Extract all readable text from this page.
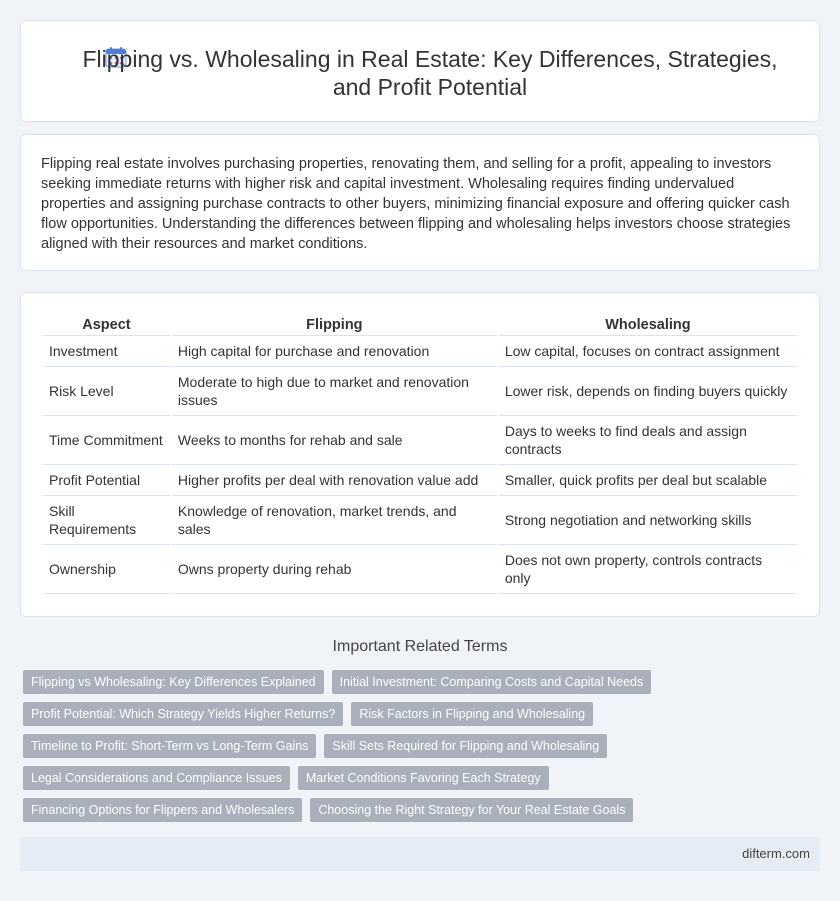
Flipping vs. Wholesaling in Real Estate: Key Differences, Strategies, and Profit Potential

Flipping real estate involves purchasing properties, renovating them, and selling for a profit, appealing to investors seeking immediate returns with higher risk and capital investment. Wholesaling requires finding undervalued properties and assigning purchase contracts to other buyers, minimizing financial exposure and offering quicker cash flow opportunities. Understanding the differences between flipping and wholesaling helps investors choose strategies aligned with their resources and market conditions.

Aspect	Flipping	Wholesaling
Investment	High capital for purchase and renovation	Low capital, focuses on contract assignment
Risk Level	Moderate to high due to market and renovation issues	Lower risk, depends on finding buyers quickly
Time Commitment	Weeks to months for rehab and sale	Days to weeks to find deals and assign contracts
Profit Potential	Higher profits per deal with renovation value add	Smaller, quick profits per deal but scalable
Skill Requirements	Knowledge of renovation, market trends, and sales	Strong negotiation and networking skills
Ownership	Owns property during rehab	Does not own property, controls contracts only
Important Related Terms
Flipping vs Wholesaling: Key Differences Explained	Initial Investment: Comparing Costs and Capital Needs
Profit Potential: Which Strategy Yields Higher Returns?	Risk Factors in Flipping and Wholesaling
Timeline to Profit: Short-Term vs Long-Term Gains	Skill Sets Required for Flipping and Wholesaling
Legal Considerations and Compliance Issues	Market Conditions Favoring Each Strategy
Financing Options for Flippers and Wholesalers	Choosing the Right Strategy for Your Real Estate Goals
difterm.com
